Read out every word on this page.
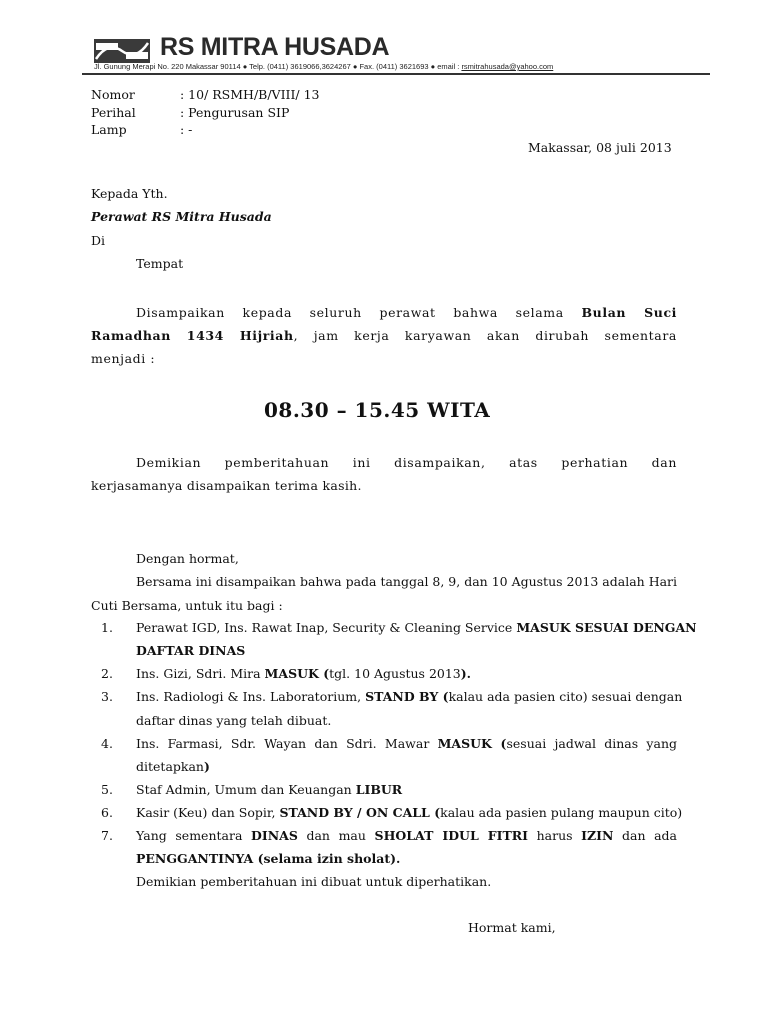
RS MITRA HUSADA
Jl. Gunung Merapi No. 220 Makassar 90114 ● Telp. (0411) 3619066,3624267 ● Fax. (0411) 3621693 ● email : rsmitrahusada@yahoo.com
Nomor	: 10/ RSMH/B/VIII/ 13
Perihal	: Pengurusan SIP
Lamp	: -
Makassar, 08 juli 2013
Kepada Yth.
Perawat RS Mitra Husada
Di
Tempat
Disampaikan kepada seluruh perawat bahwa selama Bulan Suci
Ramadhan 1434 Hijriah, jam kerja karyawan akan dirubah sementara
menjadi :
08.30 – 15.45 WITA
Demikian pemberitahuan ini disampaikan, atas perhatian dan
kerjasamanya disampaikan terima kasih.
Dengan hormat,
Bersama ini disampaikan bahwa pada tanggal 8, 9, dan 10 Agustus 2013 adalah Hari
Cuti Bersama, untuk itu bagi :
1. Perawat IGD, Ins. Rawat Inap, Security & Cleaning Service MASUK SESUAI DENGAN
DAFTAR DINAS
2. Ins. Gizi, Sdri. Mira MASUK (tgl. 10 Agustus 2013).
3. Ins. Radiologi & Ins. Laboratorium, STAND BY (kalau ada pasien cito) sesuai dengan
daftar dinas yang telah dibuat.
4. Ins. Farmasi, Sdr. Wayan dan Sdri. Mawar MASUK (sesuai jadwal dinas yang
ditetapkan)
5. Staf Admin, Umum dan Keuangan LIBUR
6. Kasir (Keu) dan Sopir, STAND BY / ON CALL (kalau ada pasien pulang maupun cito)
7. Yang sementara DINAS dan mau SHOLAT IDUL FITRI harus IZIN dan ada
PENGGANTINYA (selama izin sholat).
Demikian pemberitahuan ini dibuat untuk diperhatikan.
Hormat kami,
